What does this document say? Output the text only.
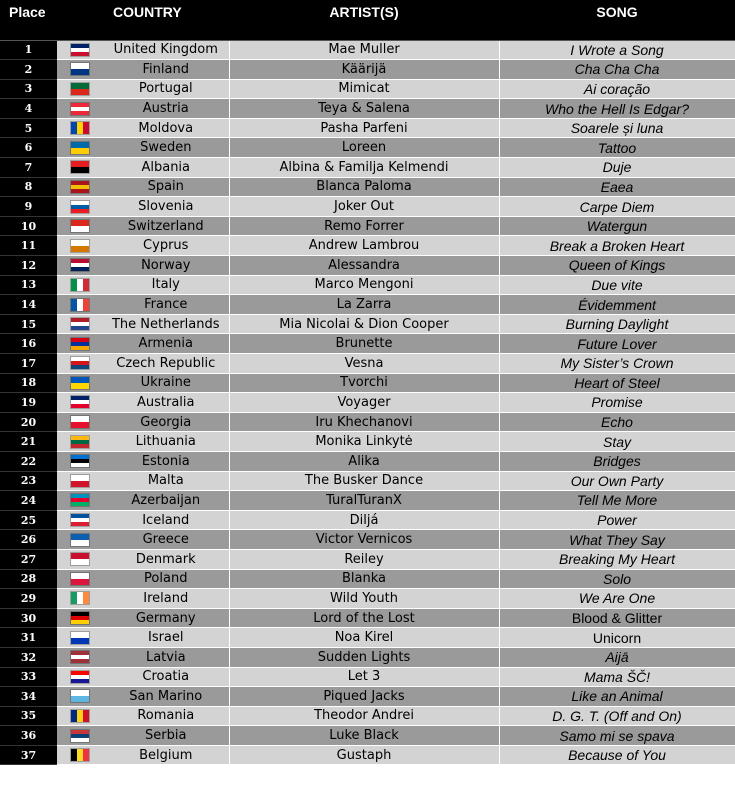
Place		COUNTRY	ARTIST(S)	SONG

1		United Kingdom	Mae Muller	I Wrote a Song
2		Finland	Käärijä	Cha Cha Cha
3		Portugal	Mimicat	Ai coração
4		Austria	Teya & Salena	Who the Hell Is Edgar?
5		Moldova	Pasha Parfeni	Soarele și luna
6		Sweden	Loreen	Tattoo
7		Albania	Albina & Familja Kelmendi	Duje
8		Spain	Blanca Paloma	Eaea
9		Slovenia	Joker Out	Carpe Diem
10		Switzerland	Remo Forrer	Watergun
11		Cyprus	Andrew Lambrou	Break a Broken Heart
12		Norway	Alessandra	Queen of Kings
13		Italy	Marco Mengoni	Due vite
14		France	La Zarra	Évidemment
15		The Netherlands	Mia Nicolai & Dion Cooper	Burning Daylight
16		Armenia	Brunette	Future Lover
17		Czech Republic	Vesna	My Sister’s Crown
18		Ukraine	Tvorchi	Heart of Steel
19		Australia	Voyager	Promise
20		Georgia	Iru Khechanovi	Echo
21		Lithuania	Monika Linkytė	Stay
22		Estonia	Alika	Bridges
23		Malta	The Busker Dance	Our Own Party
24		Azerbaijan	TuralTuranX	Tell Me More
25		Iceland	Diljá	Power
26		Greece	Victor Vernicos	What They Say
27		Denmark	Reiley	Breaking My Heart
28		Poland	Blanka	Solo
29		Ireland	Wild Youth	We Are One
30		Germany	Lord of the Lost	Blood & Glitter
31		Israel	Noa Kirel	Unicorn
32		Latvia	Sudden Lights	Aijā
33		Croatia	Let 3	Mama ŠČ!
34		San Marino	Piqued Jacks	Like an Animal
35		Romania	Theodor Andrei	D. G. T. (Off and On)
36		Serbia	Luke Black	Samo mi se spava
37		Belgium	Gustaph	Because of You
